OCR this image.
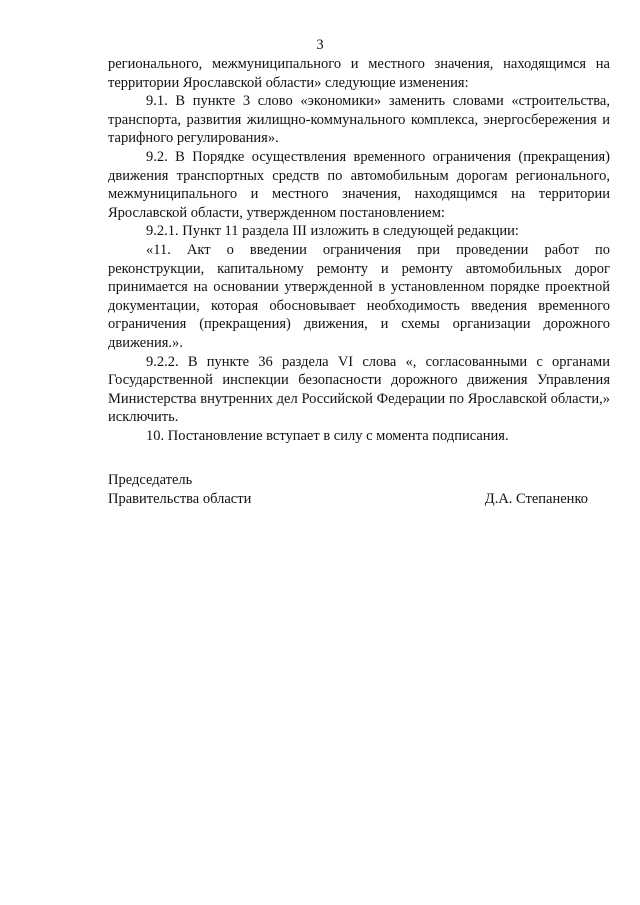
3

регионального, межмуниципального и местного значения, находящимся на территории Ярославской области» следующие изменения:

9.1. В пункте 3 слово «экономики» заменить словами «строительства, транспорта, развития жилищно-коммунального комплекса, энергосбережения и тарифного регулирования».

9.2. В Порядке осуществления временного ограничения (прекращения) движения транспортных средств по автомобильным дорогам регионального, межмуниципального и местного значения, находящимся на территории Ярославской области, утвержденном постановлением:

9.2.1. Пункт 11 раздела III изложить в следующей редакции:

«11. Акт о введении ограничения при проведении работ по реконструкции, капитальному ремонту и ремонту автомобильных дорог принимается на основании утвержденной в установленном порядке проектной документации, которая обосновывает необходимость введения временного ограничения (прекращения) движения, и схемы организации дорожного движения.».

9.2.2. В пункте 36 раздела VI слова «, согласованными с органами Государственной инспекции безопасности дорожного движения Управления Министерства внутренних дел Российской Федерации по Ярославской области,» исключить.

10. Постановление вступает в силу с момента подписания.

Председатель
Правительства области	Д.А. Степаненко
